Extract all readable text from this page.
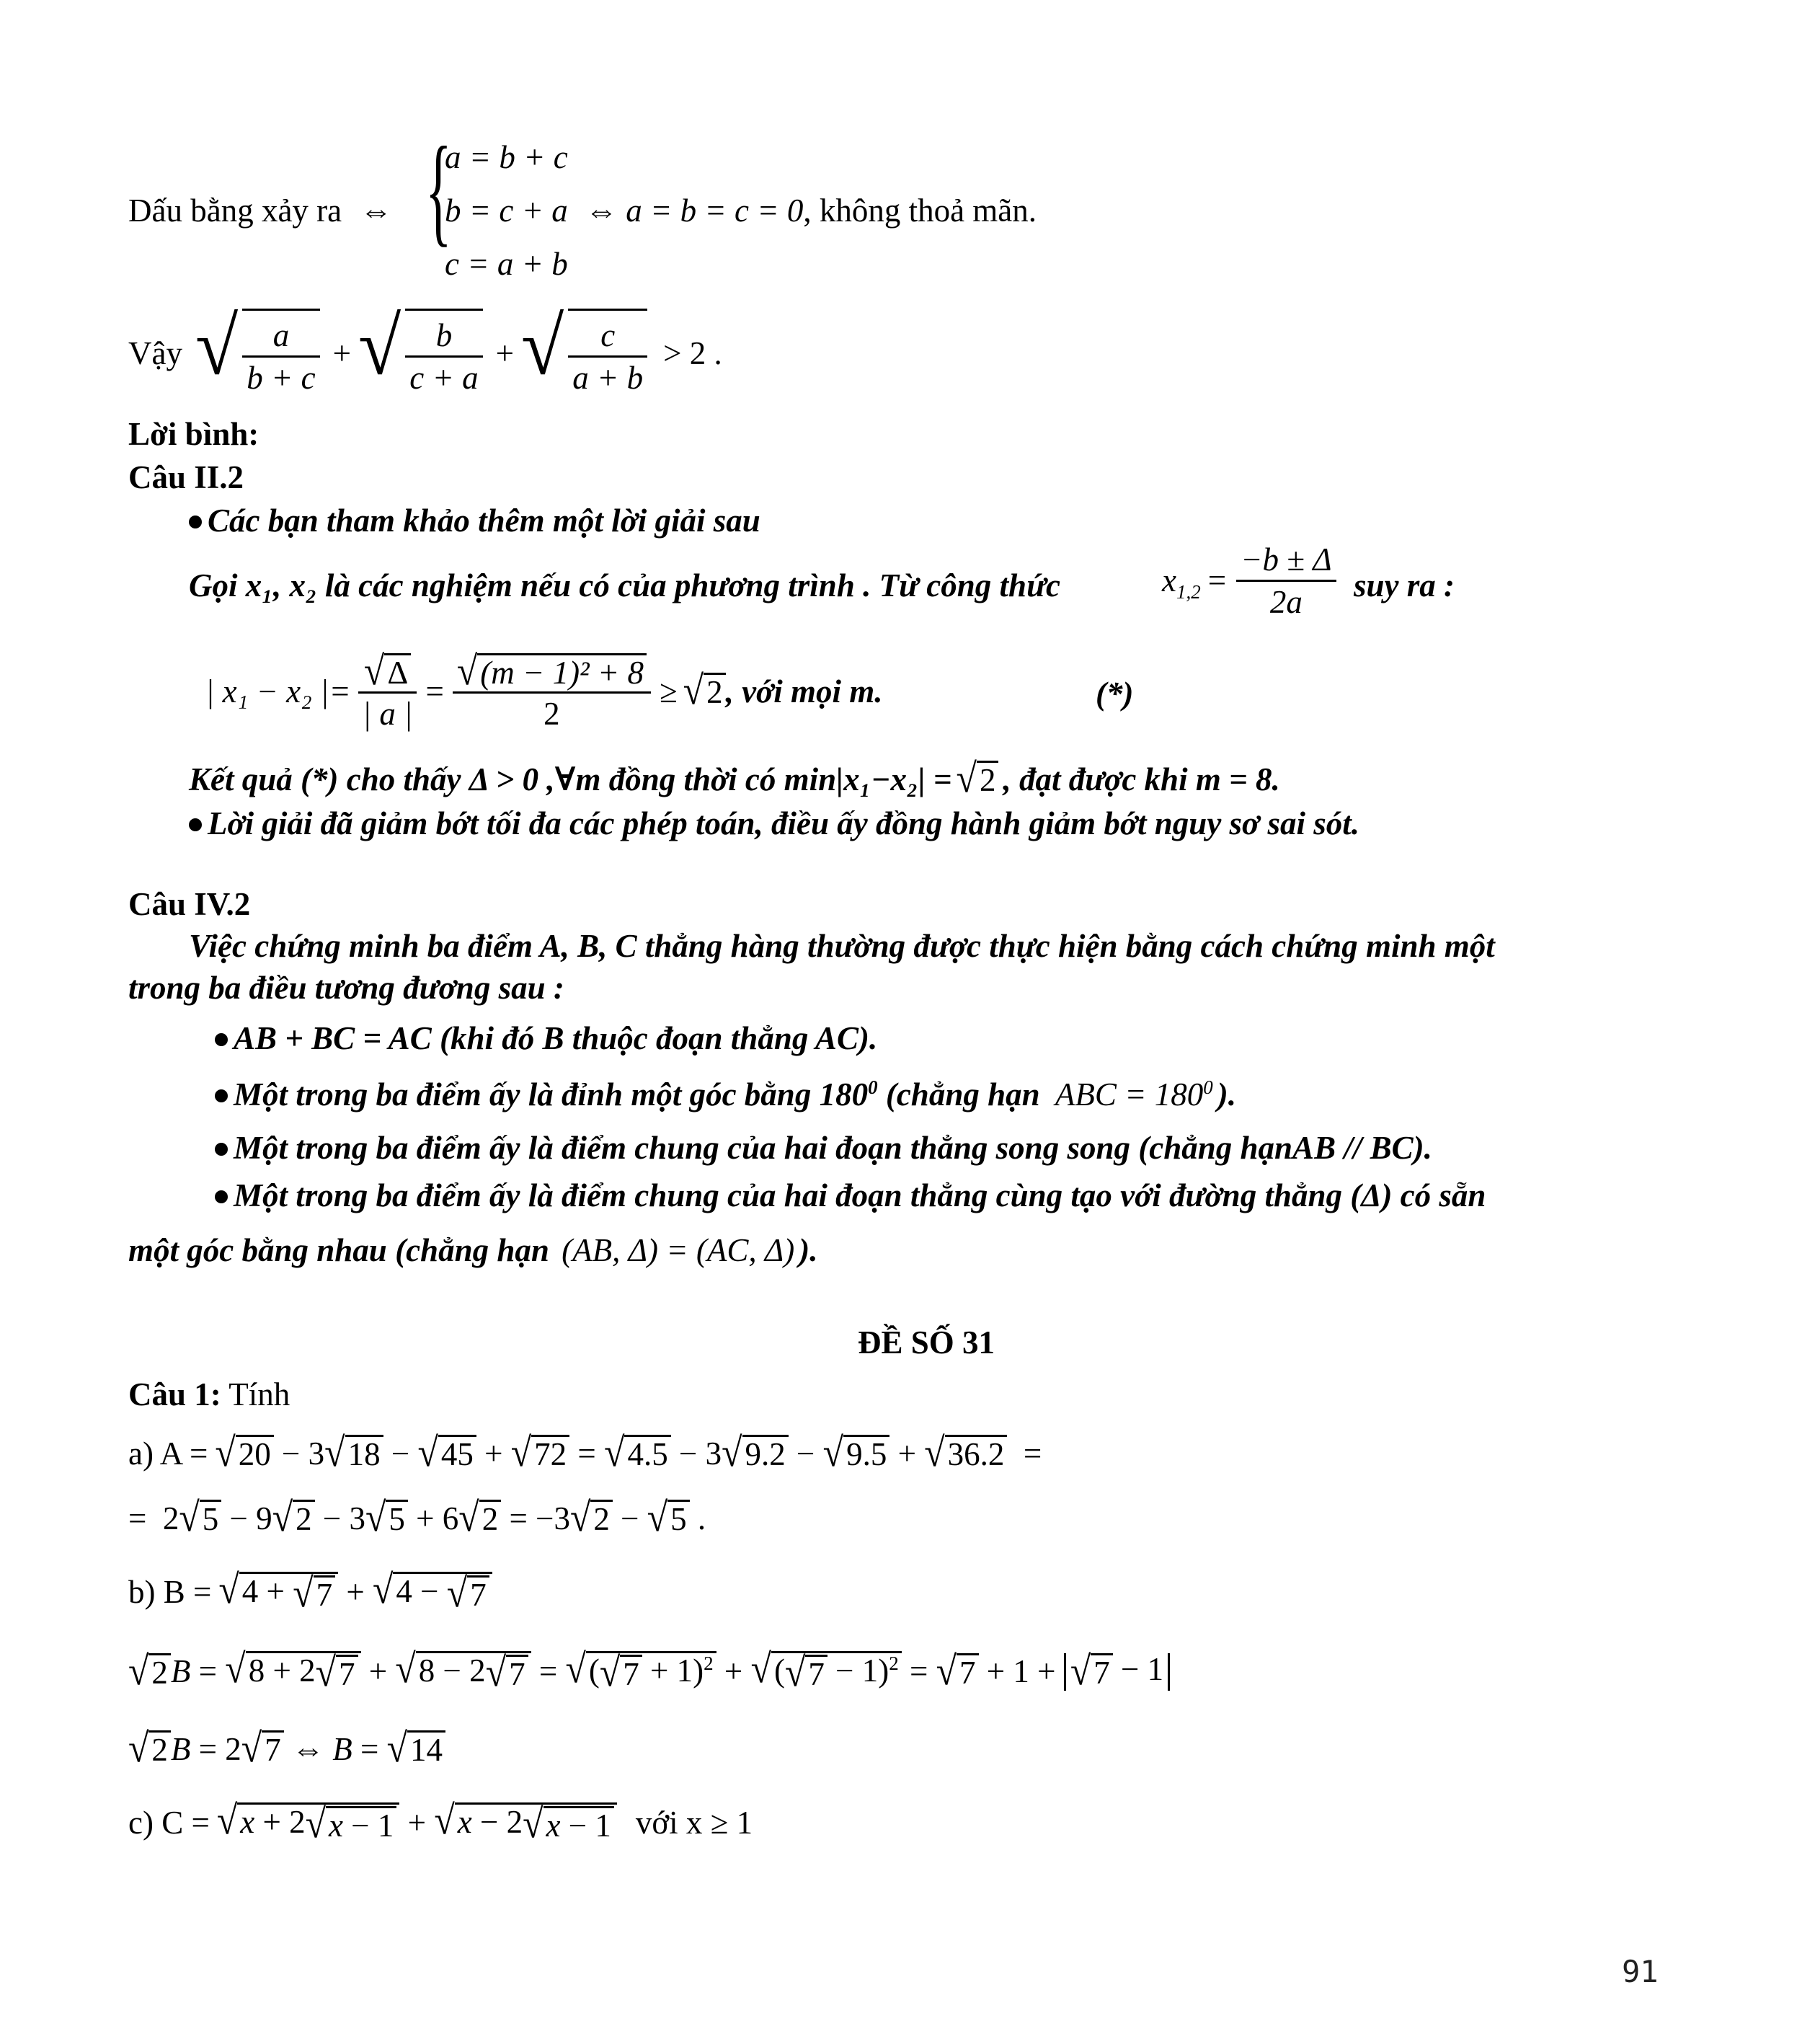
Dấu bằng xảy ra ⇔ {
a = b + c
b = c + a
c = a + b
⇔ a = b = c = 0, không thoả mãn.
Vậy √ $\frac{a}{b + c}$ + √ $\frac{b}{c + a}$ + √ $\frac{c}{a + b} > 2$ .
Lời bình:
Câu II.2
Các bạn tham khảo thêm một lời giải sau
Gọi x₁, x₂ là các nghiệm nếu có của phương trình . Từ công thức	$x_{1,2} = \frac{-b \pm \Delta}{2a}$ suy ra :
| x₁ − x₂ |= $\frac{√ \Delta}{| a |} = \frac{\text{√ (m − 1)² + 8}}{2}$ ≥ √ 2 , với mọi m.	(*)
Kết quả (*) cho thấy Δ > 0 ,∀m đồng thời có min|x₁−x₂| = √ 2 , đạt được khi m = 8.
Lời giải đã giảm bớt tối đa các phép toán, điều ấy đồng hành giảm bớt nguy sơ sai sót.
Câu IV.2
Việc chứng minh ba điểm A, B, C thẳng hàng thường được thực hiện bằng cách chứng minh một
trong ba điều tương đương sau :
AB + BC = AC (khi đó B thuộc đoạn thẳng AC).
Một trong ba điểm ấy là đỉnh một góc bằng $180^0$ (chẳng hạn ABC = $180^0$ ).
Một trong ba điểm ấy là điểm chung của hai đoạn thẳng song song (chẳng hạnAB // BC).
Một trong ba điểm ấy là điểm chung của hai đoạn thẳng cùng tạo với đường thẳng (Δ) có sẵn
một góc bằng nhau (chẳng hạn (AB, Δ) = (AC, Δ) ).
ĐỀ SỐ 31
Câu 1: Tính
a) A = √ 20 − 3 √ 18 − √ 45 + √ 72 = √ 4.5 − 3 √ 9.2 − √ 9.5 + √ 36.2 =
=  2 √ 5 − 9 √ 2 − 3 √ 5 + 6 √ 2 = −3 √ 2 − √ 5 .
b) B = √ 4 + √ 7 + √ 4 − √ 7
√ 2 B = √ 8 + 2 √ 7 + √ 8 − 2 √ 7 = √ ( √ 7 + 1)$^2$ + √ ( √ 7 − 1)$^2$ = √ 7 + 1 + √ 7 − 1
√ 2 B = 2 √ 7 ⇔ B = √ 14
c) C = √ x + 2 √ x − 1 + √ x − 2 √ x − 1 với x ≥ 1
91
